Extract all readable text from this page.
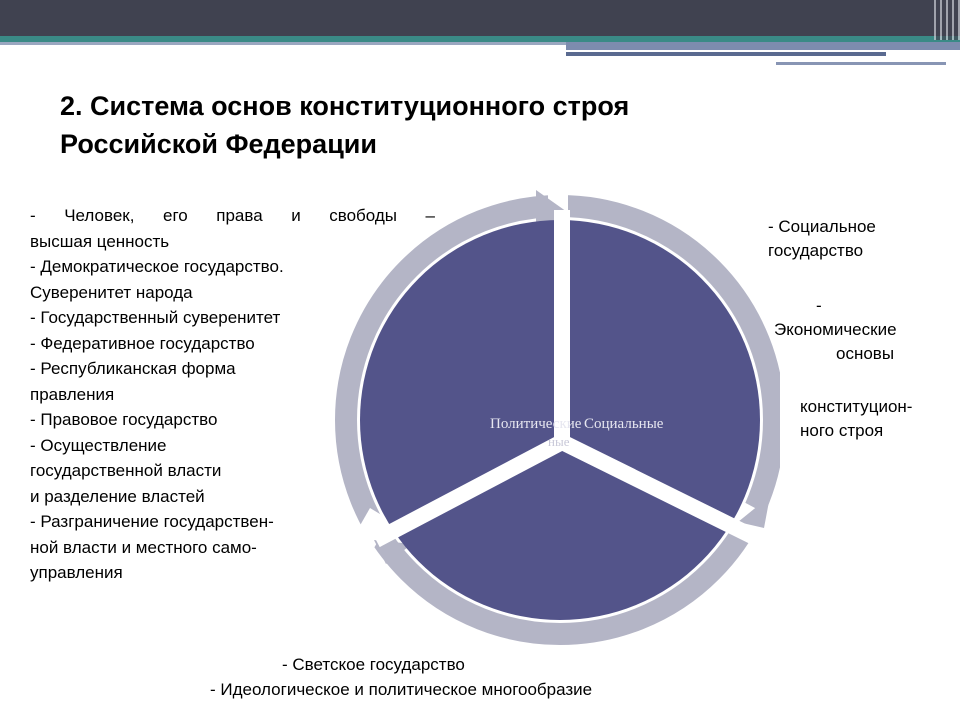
2. Система основ конституционного строя
Российской Федерации
Политические Социальные
ные
- Человек, его права и свободы –
высшая ценность
- Демократическое государство.
Суверенитет народа
- Государственный суверенитет
- Федеративное государство
- Республиканская форма
правления
- Правовое государство
- Осуществление
государственной власти
и разделение властей
- Разграничение государствен-
ной власти и местного само-
управления
- Социальное
государство
-
Экономические
основы
конституцион-
ного строя
- Светское государство
- Идеологическое и политическое многообразие
